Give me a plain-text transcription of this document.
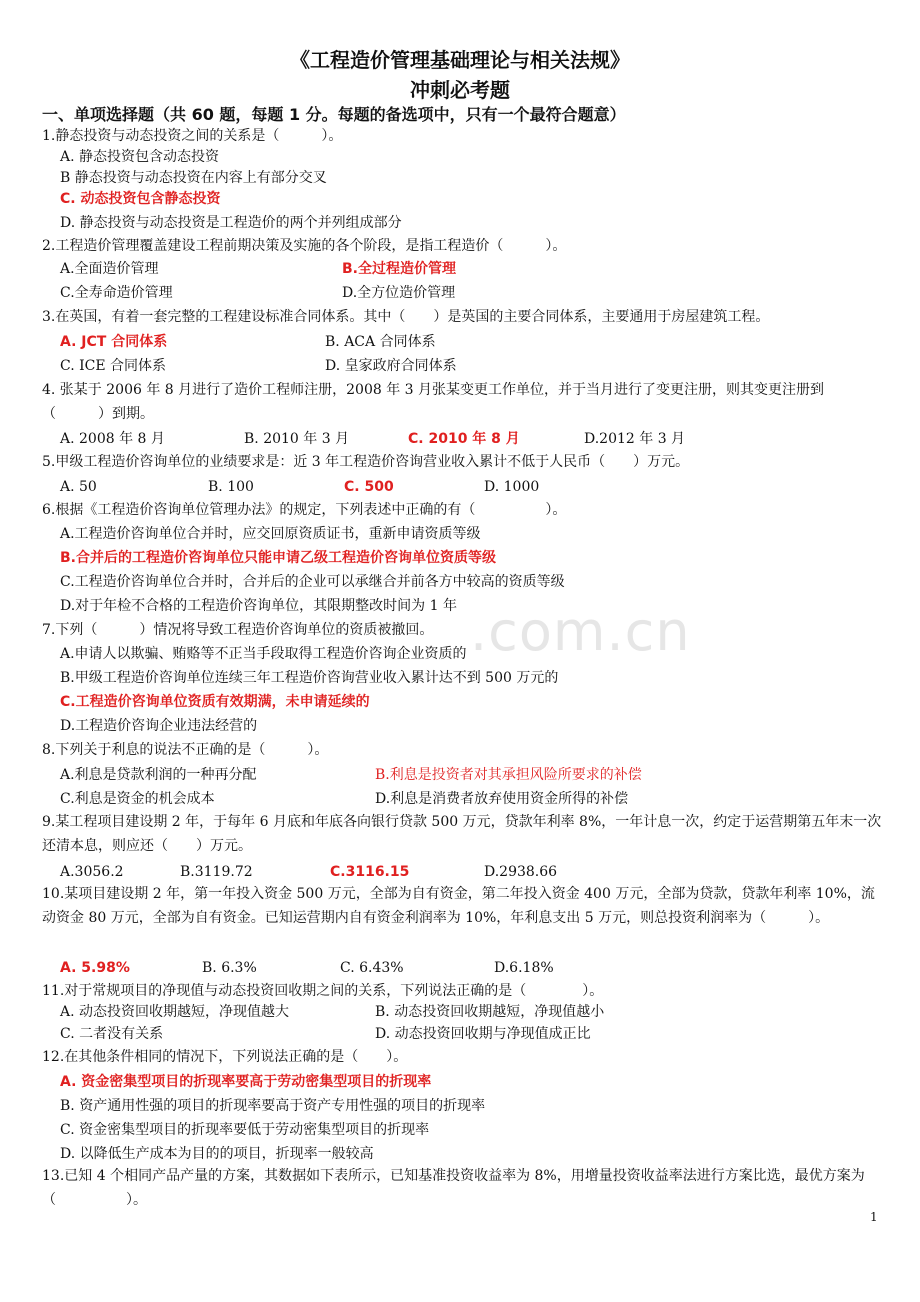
.com.cn
《工程造价管理基础理论与相关法规》
冲刺必考题
一、单项选择题（共 60 题，每题 1 分。每题的备选项中，只有一个最符合题意）
1.静态投资与动态投资之间的关系是（　　　）。
A. 静态投资包含动态投资
B 静态投资与动态投资在内容上有部分交叉
C. 动态投资包含静态投资
D. 静态投资与动态投资是工程造价的两个并列组成部分
2.工程造价管理覆盖建设工程前期决策及实施的各个阶段，是指工程造价（　　　）。
A.全面造价管理	B.全过程造价管理
C.全寿命造价管理	D.全方位造价管理
3.在英国，有着一套完整的工程建设标准合同体系。其中（　　）是英国的主要合同体系，主要通用于房屋建筑工程。
A. JCT 合同体系	B. ACA 合同体系
C. ICE 合同体系	D. 皇家政府合同体系
4. 张某于 2006 年 8 月进行了造价工程师注册，2008 年 3 月张某变更工作单位，并于当月进行了变更注册，则其变更注册到（　　　）到期。
A. 2008 年 8 月	B. 2010 年 3 月	C. 2010 年 8 月	D.2012 年 3 月
5.甲级工程造价咨询单位的业绩要求是：近 3 年工程造价咨询营业收入累计不低于人民币（　　）万元。
A. 50	B. 100	C. 500	D. 1000
6.根据《工程造价咨询单位管理办法》的规定，下列表述中正确的有（　　　　　）。
A.工程造价咨询单位合并时，应交回原资质证书，重新申请资质等级
B.合并后的工程造价咨询单位只能申请乙级工程造价咨询单位资质等级
C.工程造价咨询单位合并时，合并后的企业可以承继合并前各方中较高的资质等级
D.对于年检不合格的工程造价咨询单位，其限期整改时间为 1 年
7.下列（　　　）情况将导致工程造价咨询单位的资质被撤回。
A.申请人以欺骗、贿赂等不正当手段取得工程造价咨询企业资质的
B.甲级工程造价咨询单位连续三年工程造价咨询营业收入累计达不到 500 万元的
C.工程造价咨询单位资质有效期满，未申请延续的
D.工程造价咨询企业违法经营的
8.下列关于利息的说法不正确的是（　　　）。
A.利息是贷款利润的一种再分配	B.利息是投资者对其承担风险所要求的补偿
C.利息是资金的机会成本	D.利息是消费者放弃使用资金所得的补偿
9.某工程项目建设期 2 年，于每年 6 月底和年底各向银行贷款 500 万元，贷款年利率 8%，一年计息一次，约定于运营期第五年末一次还清本息，则应还（　　）万元。
A.3056.2	B.3119.72	C.3116.15	D.2938.66
10.某项目建设期 2 年，第一年投入资金 500 万元，全部为自有资金，第二年投入资金 400 万元，全部为贷款，贷款年利率 10%，流动资金 80 万元，全部为自有资金。已知运营期内自有资金利润率为 10%，年利息支出 5 万元，则总投资利润率为（　　　）。
A. 5.98%	B. 6.3%	C. 6.43%	D.6.18%
11.对于常规项目的净现值与动态投资回收期之间的关系，下列说法正确的是（　　　　）。
A. 动态投资回收期越短，净现值越大	B. 动态投资回收期越短，净现值越小
C. 二者没有关系	D. 动态投资回收期与净现值成正比
12.在其他条件相同的情况下，下列说法正确的是（　　）。
A. 资金密集型项目的折现率要高于劳动密集型项目的折现率
B. 资产通用性强的项目的折现率要高于资产专用性强的项目的折现率
C. 资金密集型项目的折现率要低于劳动密集型项目的折现率
D. 以降低生产成本为目的的项目，折现率一般较高
13.已知 4 个相同产品产量的方案，其数据如下表所示，已知基准投资收益率为 8%，用增量投资收益率法进行方案比选，最优方案为（　　　　　）。
1
